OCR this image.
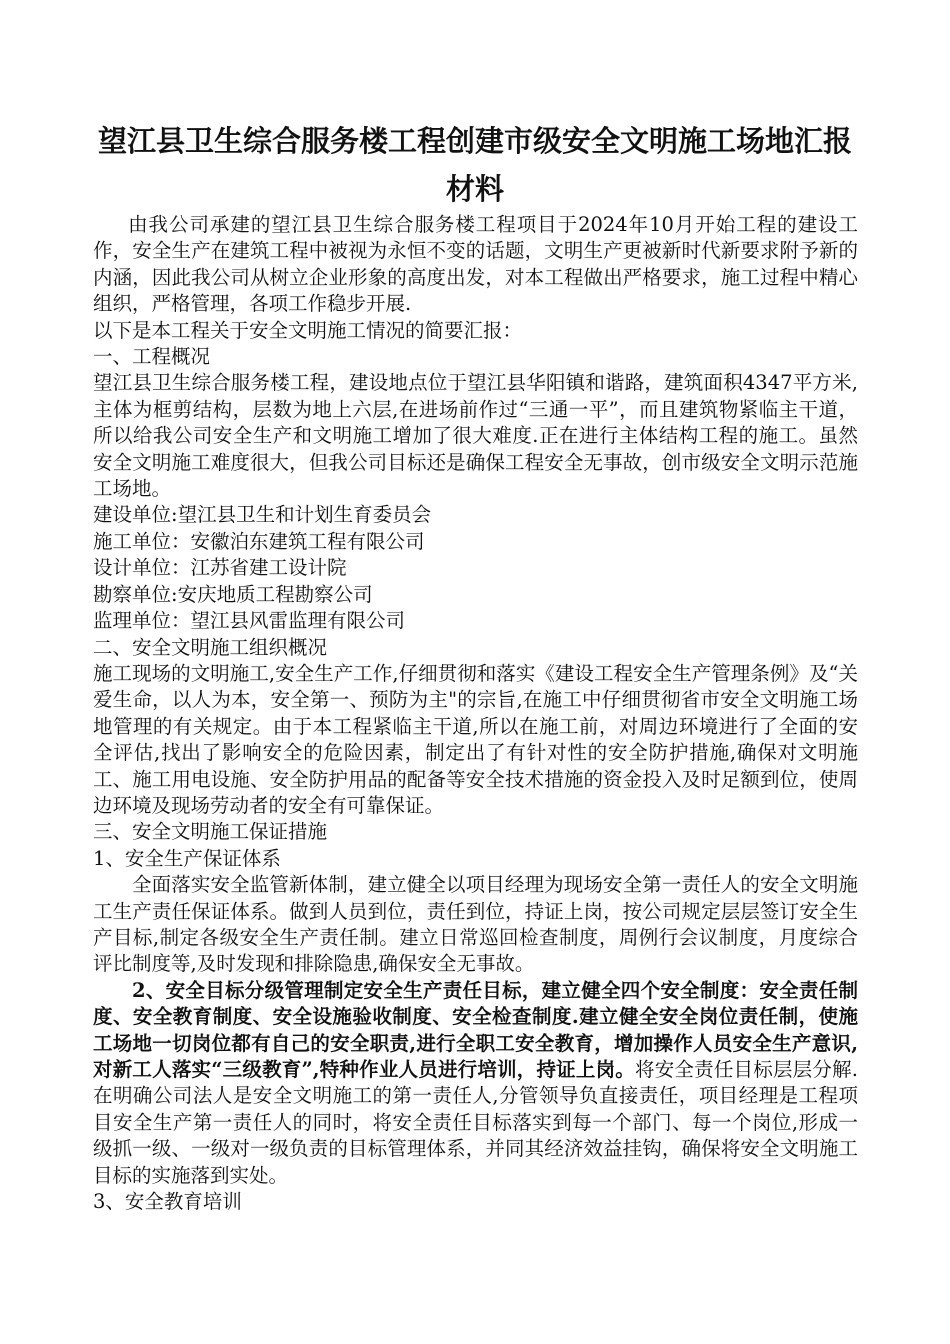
望江县卫生综合服务楼工程创建市级安全文明施工场地汇报
材料

由我公司承建的望江县卫生综合服务楼工程项目于2024年10月开始工程的建设工作，安全生产在建筑工程中被视为永恒不变的话题，文明生产更被新时代新要求附予新的内涵，因此我公司从树立企业形象的高度出发，对本工程做出严格要求，施工过程中精心组织，严格管理，各项工作稳步开展.

以下是本工程关于安全文明施工情况的简要汇报：

一、工程概况

望江县卫生综合服务楼工程，建设地点位于望江县华阳镇和谐路，建筑面积4347平方米,主体为框剪结构，层数为地上六层,在进场前作过“三通一平”，而且建筑物紧临主干道，所以给我公司安全生产和文明施工增加了很大难度.正在进行主体结构工程的施工。虽然安全文明施工难度很大，但我公司目标还是确保工程安全无事故，创市级安全文明示范施工场地。

建设单位:望江县卫生和计划生育委员会

施工单位：安徽泊东建筑工程有限公司

设计单位：江苏省建工设计院

勘察单位:安庆地质工程勘察公司

监理单位：望江县风雷监理有限公司

二、安全文明施工组织概况

施工现场的文明施工,安全生产工作,仔细贯彻和落实《建设工程安全生产管理条例》及“关爱生命，以人为本，安全第一、预防为主"的宗旨,在施工中仔细贯彻省市安全文明施工场地管理的有关规定。由于本工程紧临主干道,所以在施工前，对周边环境进行了全面的安全评估,找出了影响安全的危险因素，制定出了有针对性的安全防护措施,确保对文明施工、施工用电设施、安全防护用品的配备等安全技术措施的资金投入及时足额到位，使周边环境及现场劳动者的安全有可靠保证。

三、安全文明施工保证措施

1、安全生产保证体系

全面落实安全监管新体制，建立健全以项目经理为现场安全第一责任人的安全文明施工生产责任保证体系。做到人员到位，责任到位，持证上岗，按公司规定层层签订安全生产目标,制定各级安全生产责任制。建立日常巡回检查制度，周例行会议制度，月度综合评比制度等,及时发现和排除隐患,确保安全无事故。

2、安全目标分级管理制定安全生产责任目标，建立健全四个安全制度：安全责任制度、安全教育制度、安全设施验收制度、安全检查制度.建立健全安全岗位责任制，使施工场地一切岗位都有自己的安全职责,进行全职工安全教育，增加操作人员安全生产意识,对新工人落实“三级教育”,特种作业人员进行培训，持证上岗。将安全责任目标层层分解.在明确公司法人是安全文明施工的第一责任人,分管领导负直接责任，项目经理是工程项目安全生产第一责任人的同时，将安全责任目标落实到每一个部门、每一个岗位,形成一级抓一级、一级对一级负责的目标管理体系，并同其经济效益挂钩，确保将安全文明施工目标的实施落到实处。

3、安全教育培训
